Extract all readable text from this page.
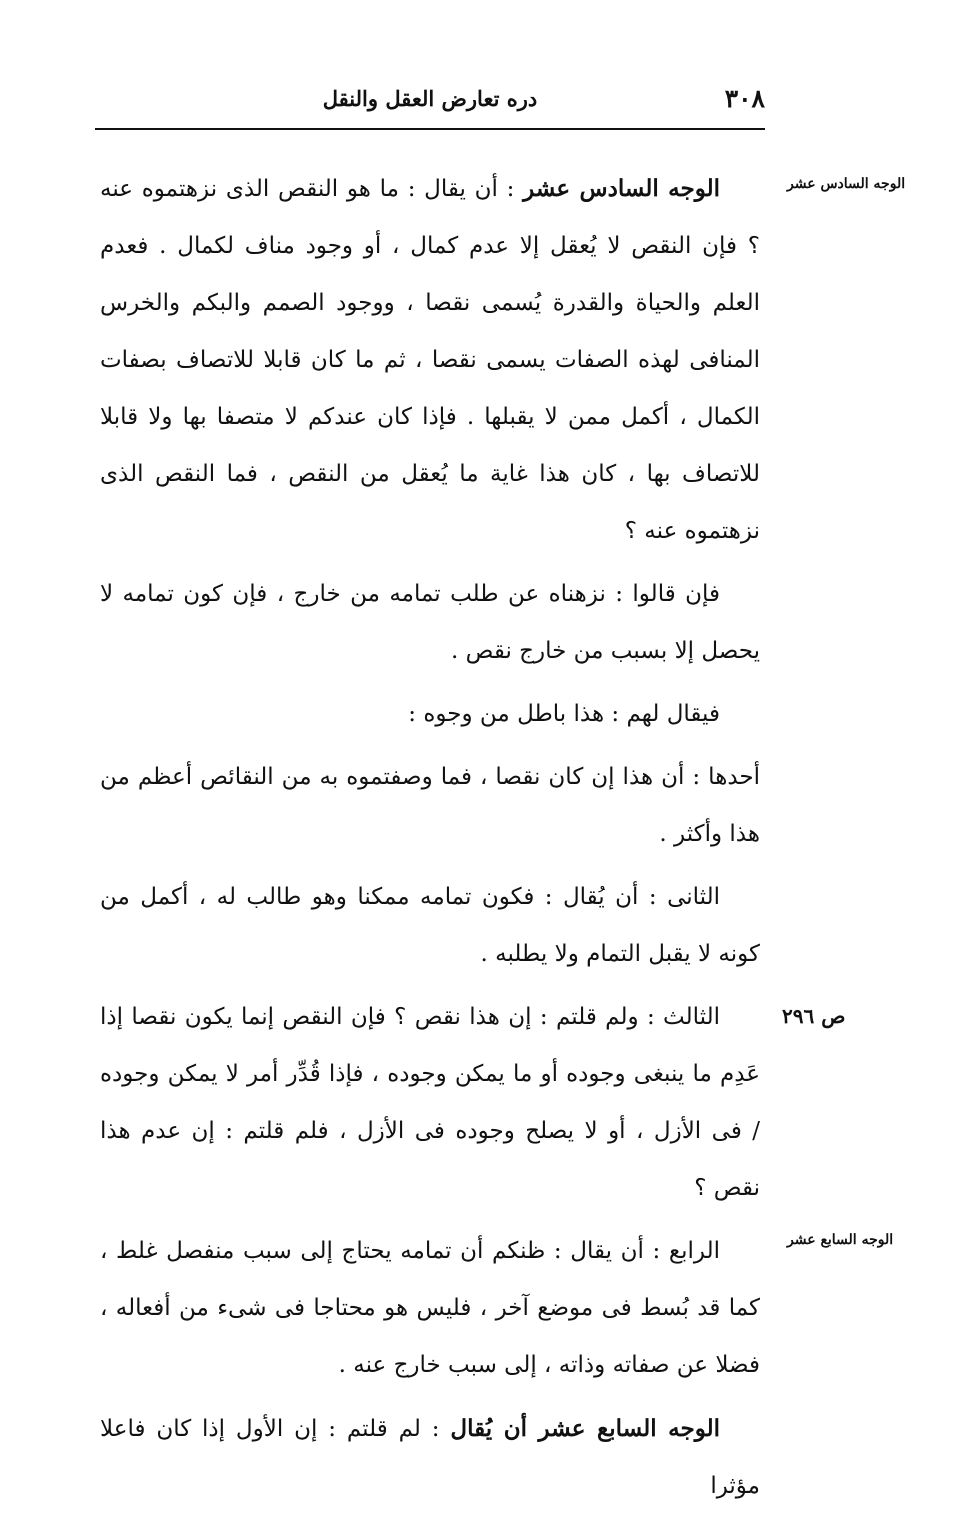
٣٠٨
دره تعارض العقل والنقل
الوجه السادس عشر
ص ٢٩٦
الوجه السابع عشر

الوجه السادس عشر : أن يقال : ما هو النقص الذى نزهتموه عنه ؟ فإن النقص لا يُعقل إلا عدم كمال ، أو وجود مناف لكمال . فعدم العلم والحياة والقدرة يُسمى نقصا ، ووجود الصمم والبكم والخرس المنافى لهذه الصفات يسمى نقصا ، ثم ما كان قابلا للاتصاف بصفات الكمال ، أكمل ممن لا يقبلها . فإذا كان عندكم لا متصفا بها ولا قابلا للاتصاف بها ، كان هذا غاية ما يُعقل من النقص ، فما النقص الذى نزهتموه عنه ؟

فإن قالوا : نزهناه عن طلب تمامه من خارج ، فإن كون تمامه لا يحصل إلا بسبب من خارج نقص .

فيقال لهم : هذا باطل من وجوه :

أحدها : أن هذا إن كان نقصا ، فما وصفتموه به من النقائص أعظم من هذا وأكثر .

الثانى : أن يُقال : فكون تمامه ممكنا وهو طالب له ، أكمل من كونه لا يقبل التمام ولا يطلبه .

الثالث : ولم قلتم : إن هذا نقص ؟ فإن النقص إنما يكون نقصا إذا عَدِم ما ينبغى وجوده أو ما يمكن وجوده ، فإذا قُدِّر أمر لا يمكن وجوده / فى الأزل ، أو لا يصلح وجوده فى الأزل ، فلم قلتم : إن عدم هذا نقص ؟

الرابع : أن يقال : ظنكم أن تمامه يحتاج إلى سبب منفصل غلط ، كما قد بُسط فى موضع آخر ، فليس هو محتاجا فى شىء من أفعاله ، فضلا عن صفاته وذاته ، إلى سبب خارج عنه .

الوجه السابع عشر أن يُقال : لم قلتم : إن الأول إذا كان فاعلا مؤثرا
